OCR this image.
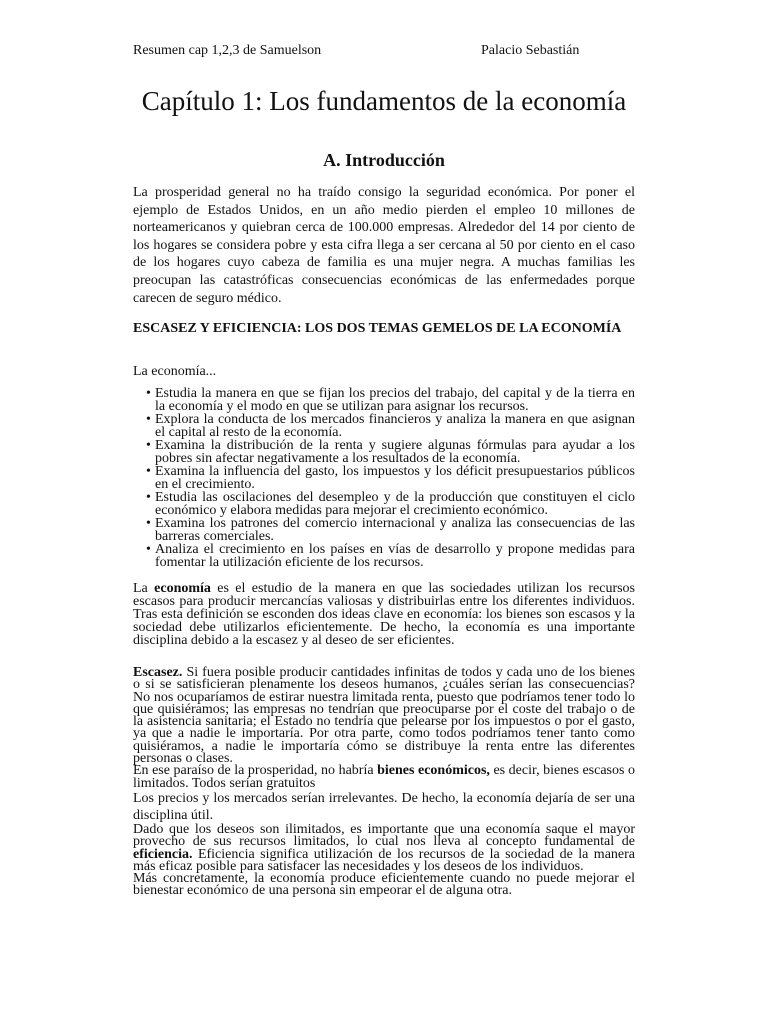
Resumen cap 1,2,3 de Samuelson	Palacio Sebastián
Capítulo 1: Los fundamentos de la economía
A. Introducción
La prosperidad general no ha traído consigo la seguridad económica. Por poner el ejemplo de Estados Unidos, en un año medio pierden el empleo 10 millones de norteamericanos y quiebran cerca de 100.000 empresas. Alrededor del 14 por ciento de los hogares se considera pobre y esta cifra llega a ser cercana al 50 por ciento en el caso de los hogares cuyo cabeza de familia es una mujer negra. A muchas familias les preocupan las catastróficas consecuencias económicas de las enfermedades porque carecen de seguro médico.
ESCASEZ Y EFICIENCIA: LOS DOS TEMAS GEMELOS DE LA ECONOMÍA
La economía...
• Estudia la manera en que se fijan los precios del trabajo, del capital y de la tierra en la economía y el modo en que se utilizan para asignar los recursos.
• Explora la conducta de los mercados financieros y analiza la manera en que asignan el capital al resto de la economía.
• Examina la distribución de la renta y sugiere algunas fórmulas para ayudar a los pobres sin afectar negativamente a los resultados de la economía.
• Examina la influencia del gasto, los impuestos y los déficit presupuestarios públicos en el crecimiento.
• Estudia las oscilaciones del desempleo y de la producción que constituyen el ciclo económico y elabora medidas para mejorar el crecimiento económico.
• Examina los patrones del comercio internacional y analiza las consecuencias de las barreras comerciales.
• Analiza el crecimiento en los países en vías de desarrollo y propone medidas para fomentar la utilización eficiente de los recursos.
La economía es el estudio de la manera en que las sociedades utilizan los recursos escasos para producir mercancías valiosas y distribuirlas entre los diferentes individuos. Tras esta definición se esconden dos ideas clave en economía: los bienes son escasos y la sociedad debe utilizarlos eficientemente. De hecho, la economía es una importante disciplina debido a la escasez y al deseo de ser eficientes.

Escasez. Si fuera posible producir cantidades infinitas de todos y cada uno de los bienes o si se satisficieran plenamente los deseos humanos, ¿cuáles serían las consecuencias? No nos ocuparíamos de estirar nuestra limitada renta, puesto que podríamos tener todo lo que quisiéramos; las empresas no tendrían que preocuparse por el coste del trabajo o de la asistencia sanitaria; el Estado no tendría que pelearse por los impuestos o por el gasto, ya que a nadie le importaría. Por otra parte, como todos podríamos tener tanto como quisiéramos, a nadie le importaría cómo se distribuye la renta entre las diferentes personas o clases.

En ese paraíso de la prosperidad, no habría bienes económicos, es decir, bienes escasos o limitados. Todos serían gratuitos

Los precios y los mercados serían irrelevantes. De hecho, la economía dejaría de ser una disciplina útil.

Dado que los deseos son ilimitados, es importante que una economía saque el mayor provecho de sus recursos limitados, lo cual nos lleva al concepto fundamental de eficiencia. Eficiencia significa utilización de los recursos de la sociedad de la manera más eficaz posible para satisfacer las necesidades y los deseos de los individuos.

Más concretamente, la economía produce eficientemente cuando no puede mejorar el bienestar económico de una persona sin empeorar el de alguna otra.
